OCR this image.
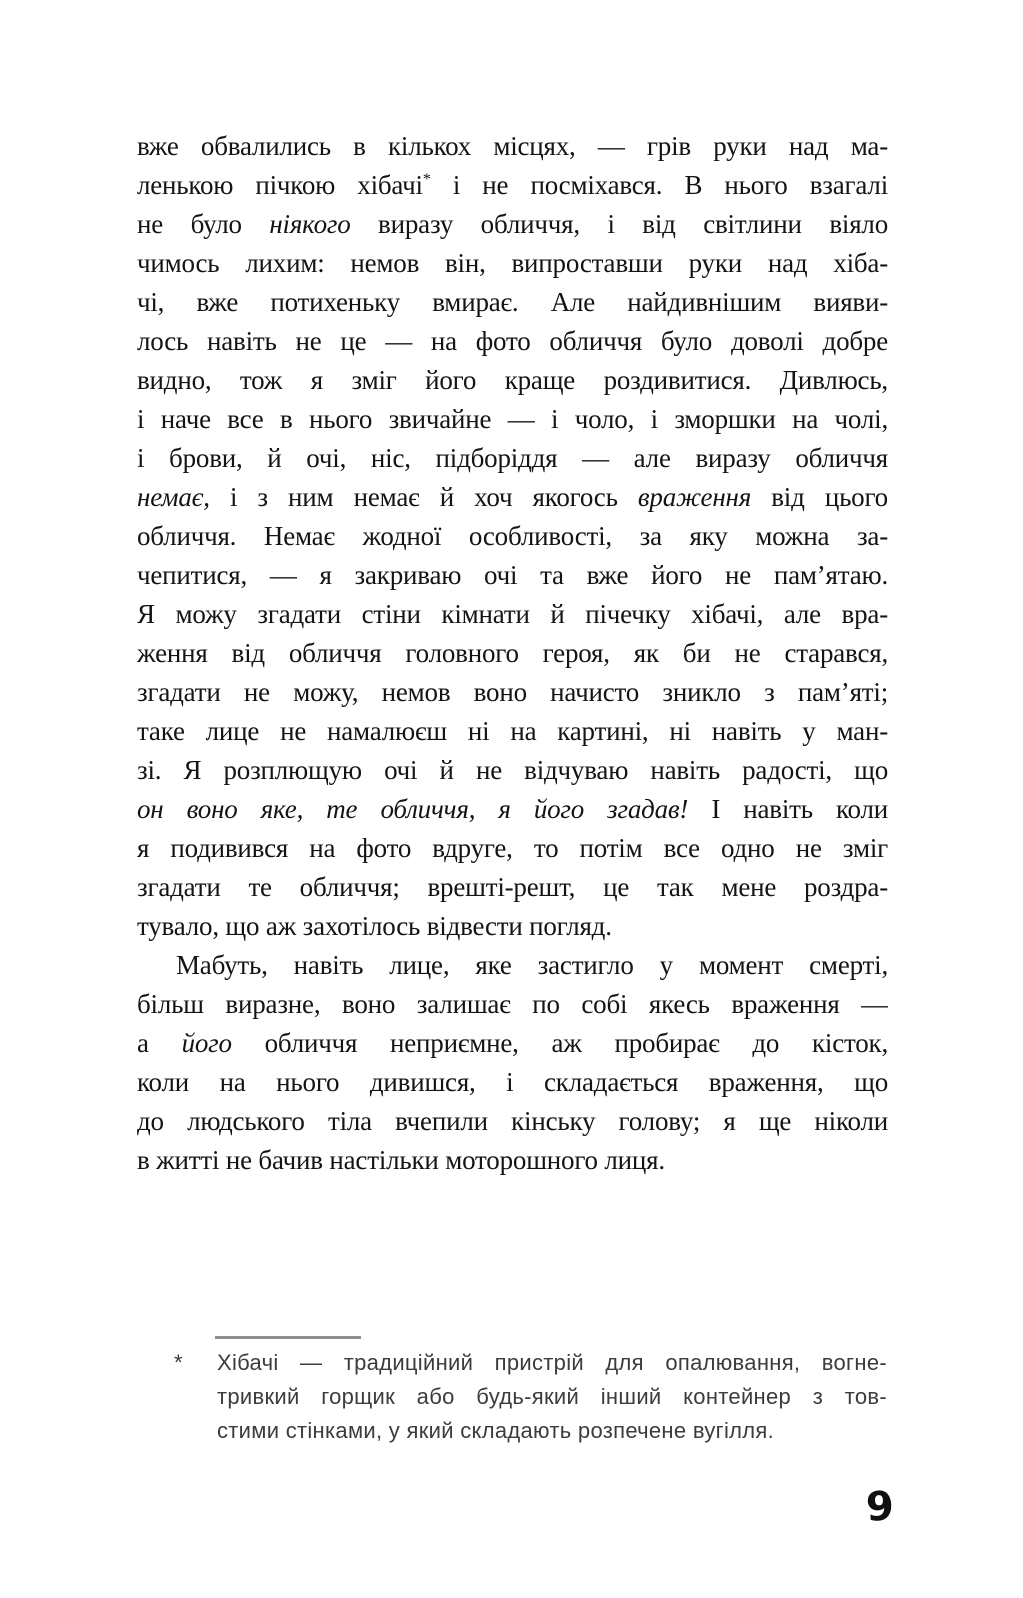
вже обвалились в кількох місцях, — грів руки над ма-
ленькою пічкою хібачі* і не посміхався. В нього взагалі
не було ніякого виразу обличчя, і від світлини віяло
чимось лихим: немов він, випроставши руки над хіба-
чі, вже потихеньку вмирає. Але найдивнішим вияви-
лось навіть не це — на фото обличчя було доволі добре
видно, тож я зміг його краще роздивитися. Дивлюсь,
і наче все в нього звичайне — і чоло, і зморшки на чолі,
і брови, й очі, ніс, підборіддя — але виразу обличчя
немає, і з ним немає й хоч якогось враження від цього
обличчя. Немає жодної особливості, за яку можна за-
чепитися, — я закриваю очі та вже його не пам’ятаю.
Я можу згадати стіни кімнати й пічечку хібачі, але вра-
ження від обличчя головного героя, як би не старався,
згадати не можу, немов воно начисто зникло з пам’яті;
таке лице не намалюєш ні на картині, ні навіть у ман-
зі. Я розплющую очі й не відчуваю навіть радості, що
он воно яке, те обличчя, я його згадав! І навіть коли
я подивився на фото вдруге, то потім все одно не зміг
згадати те обличчя; врешті-решт, це так мене роздра-
тувало, що аж захотілось відвести погляд.
Мабуть, навіть лице, яке застигло у момент смерті,
більш виразне, воно залишає по собі якесь враження —
а його обличчя неприємне, аж пробирає до кісток,
коли на нього дивишся, і складається враження, що
до людського тіла вчепили кінську голову; я ще ніколи
в житті не бачив настільки моторошного лиця.
* Хібачі — традиційний пристрій для опалювання, вогне-
тривкий горщик або будь-який інший контейнер з тов-
стими стінками, у який складають розпечене вугілля.
9
